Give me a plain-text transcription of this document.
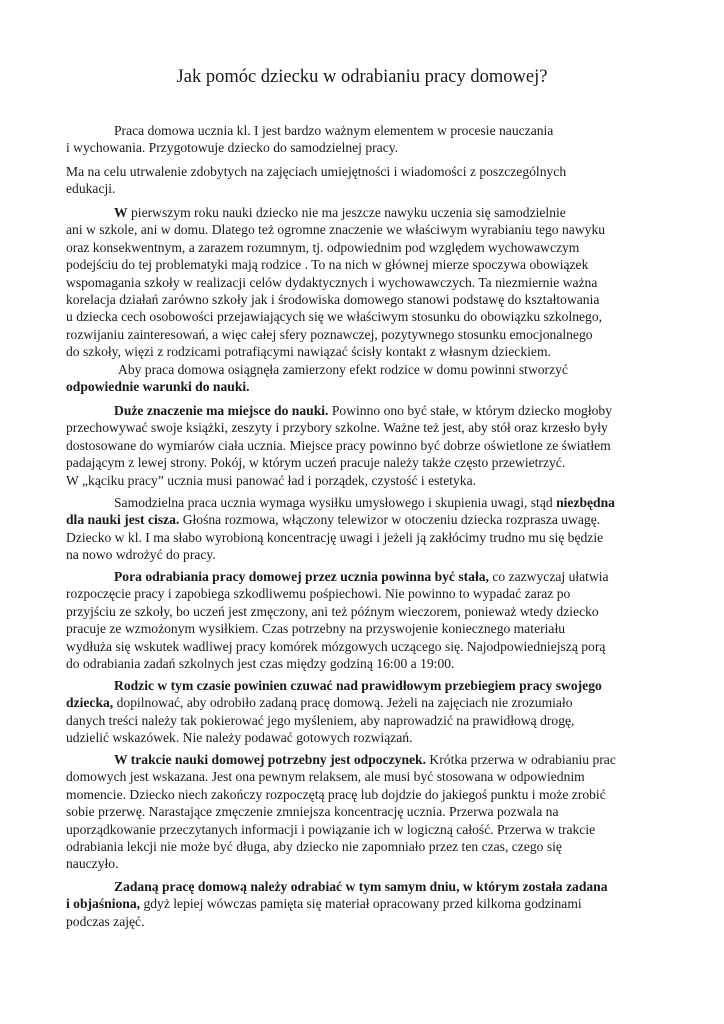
Jak pomóc dziecku w odrabianiu pracy domowej?
Praca domowa ucznia kl. I jest bardzo ważnym elementem w procesie nauczania
i wychowania. Przygotowuje dziecko do samodzielnej pracy.
Ma na celu utrwalenie zdobytych na zajęciach umiejętności i wiadomości z poszczególnych
edukacji.
W pierwszym roku nauki dziecko nie ma jeszcze nawyku uczenia się samodzielnie
ani w szkole, ani w domu. Dlatego też ogromne znaczenie we właściwym wyrabianiu tego nawyku
oraz konsekwentnym, a zarazem rozumnym, tj. odpowiednim pod względem wychowawczym
podejściu do tej problematyki mają rodzice . To na nich w głównej mierze spoczywa obowiązek
wspomagania szkoły w realizacji celów dydaktycznych i wychowawczych. Ta niezmiernie ważna
korelacja działań zarówno szkoły jak i środowiska domowego stanowi podstawę do kształtowania
u dziecka cech osobowości przejawiających się we właściwym stosunku do obowiązku szkolnego,
rozwijaniu zainteresowań, a więc całej sfery poznawczej, pozytywnego stosunku emocjonalnego
do szkoły, więzi z rodzicami potrafiącymi nawiązać ścisły kontakt z własnym dzieckiem.
Aby praca domowa osiągnęła zamierzony efekt rodzice w domu powinni stworzyć
odpowiednie warunki do nauki.
Duże znaczenie ma miejsce do nauki. Powinno ono być stałe, w którym dziecko mogłoby
przechowywać swoje książki, zeszyty i przybory szkolne. Ważne też jest, aby stół oraz krzesło były
dostosowane do wymiarów ciała ucznia. Miejsce pracy powinno być dobrze oświetlone ze światłem
padającym z lewej strony. Pokój, w którym uczeń pracuje należy także często przewietrzyć.
W „kąciku pracy” ucznia musi panować ład i porządek, czystość i estetyka.
Samodzielna praca ucznia wymaga wysiłku umysłowego i skupienia uwagi, stąd niezbędna
dla nauki jest cisza. Głośna rozmowa, włączony telewizor w otoczeniu dziecka rozprasza uwagę.
Dziecko w kl. I ma słabo wyrobioną koncentrację uwagi i jeżeli ją zakłócimy trudno mu się będzie
na nowo wdrożyć do pracy.
Pora odrabiania pracy domowej przez ucznia powinna być stała, co zazwyczaj ułatwia
rozpoczęcie pracy i zapobiega szkodliwemu pośpiechowi. Nie powinno to wypadać zaraz po
przyjściu ze szkoły, bo uczeń jest zmęczony, ani też późnym wieczorem, ponieważ wtedy dziecko
pracuje ze wzmożonym wysiłkiem. Czas potrzebny na przyswojenie koniecznego materiału
wydłuża się wskutek wadliwej pracy komórek mózgowych uczącego się. Najodpowiedniejszą porą
do odrabiania zadań szkolnych jest czas między godziną 16:00 a 19:00.
Rodzic w tym czasie powinien czuwać nad prawidłowym przebiegiem pracy swojego
dziecka, dopilnować, aby odrobiło zadaną pracę domową. Jeżeli na zajęciach nie zrozumiało
danych treści należy tak pokierować jego myśleniem, aby naprowadzić na prawidłową drogę,
udzielić wskazówek. Nie należy podawać gotowych rozwiązań.
W trakcie nauki domowej potrzebny jest odpoczynek. Krótka przerwa w odrabianiu prac
domowych jest wskazana. Jest ona pewnym relaksem, ale musi być stosowana w odpowiednim
momencie. Dziecko niech zakończy rozpoczętą pracę lub dojdzie do jakiegoś punktu i może zrobić
sobie przerwę. Narastające zmęczenie zmniejsza koncentrację ucznia. Przerwa pozwala na
uporządkowanie przeczytanych informacji i powiązanie ich w logiczną całość. Przerwa w trakcie
odrabiania lekcji nie może być długa, aby dziecko nie zapomniało przez ten czas, czego się
nauczyło.
Zadaną pracę domową należy odrabiać w tym samym dniu, w którym została zadana
i objaśniona, gdyż lepiej wówczas pamięta się materiał opracowany przed kilkoma godzinami
podczas zajęć.
